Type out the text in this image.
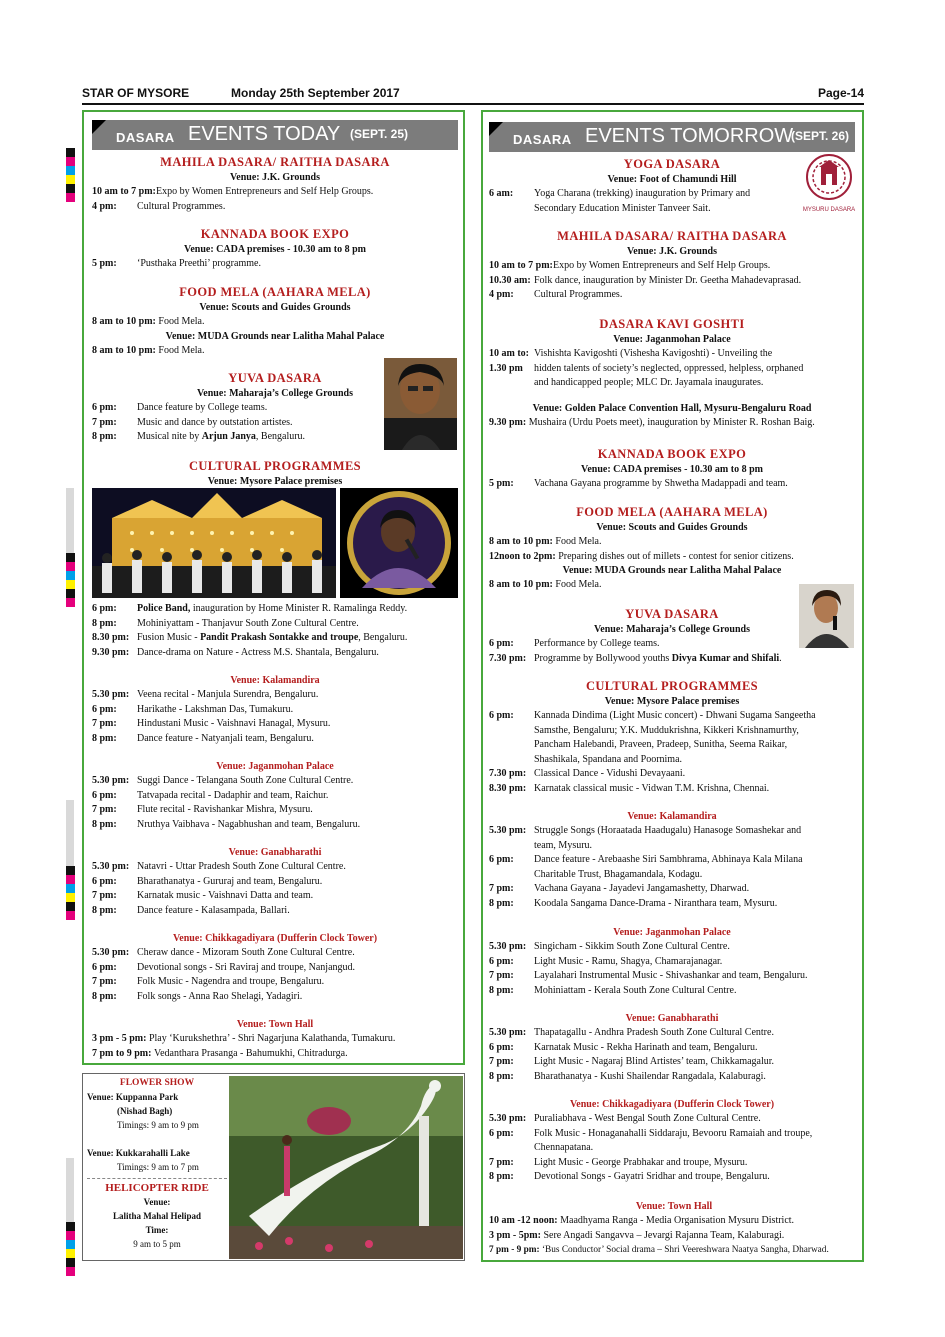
STAR OF MYSORE	Monday 25th September 2017	Page-14
DASARA EVENTS TODAY (SEPT. 25)
MAHILA DASARA/ RAITHA DASARA
Venue: J.K. Grounds
10 am to 7 pm: Expo by Women Entrepreneurs and Self Help Groups.
4 pm: Cultural Programmes.
KANNADA BOOK EXPO
Venue: CADA premises - 10.30 am to 8 pm
5 pm: ‘Pusthaka Preethi’ programme.
FOOD MELA (AAHARA MELA)
Venue: Scouts and Guides Grounds
8 am to 10 pm: Food Mela.
Venue: MUDA Grounds near Lalitha Mahal Palace
8 am to 10 pm: Food Mela.
YUVA DASARA
Venue: Maharaja’s College Grounds
6 pm: Dance feature by College teams.
7 pm: Music and dance by outstation artistes.
8 pm: Musical nite by Arjun Janya, Bengaluru.
CULTURAL PROGRAMMES
Venue: Mysore Palace premises
6 pm: Police Band, inauguration by Home Minister R. Ramalinga Reddy.
8 pm: Mohiniyattam - Thanjavur South Zone Cultural Centre.
8.30 pm: Fusion Music - Pandit Prakash Sontakke and troupe, Bengaluru.
9.30 pm: Dance-drama on Nature - Actress M.S. Shantala, Bengaluru.
Venue: Kalamandira
5.30 pm: Veena recital - Manjula Surendra, Bengaluru.
6 pm: Harikathe - Lakshman Das, Tumakuru.
7 pm: Hindustani Music - Vaishnavi Hanagal, Mysuru.
8 pm: Dance feature - Natyanjali team, Bengaluru.
Venue: Jaganmohan Palace
5.30 pm: Suggi Dance - Telangana South Zone Cultural Centre.
6 pm: Tatvapada recital - Dadaphir and team, Raichur.
7 pm: Flute recital - Ravishankar Mishra, Mysuru.
8 pm: Nruthya Vaibhava - Nagabhushan and team, Bengaluru.
Venue: Ganabharathi
5.30 pm: Natavri - Uttar Pradesh South Zone Cultural Centre.
6 pm: Bharathanatya - Gururaj and team, Bengaluru.
7 pm: Karnatak music - Vaishnavi Datta and team.
8 pm: Dance feature - Kalasampada, Ballari.
Venue: Chikkagadiyara (Dufferin Clock Tower)
5.30 pm: Cheraw dance - Mizoram South Zone Cultural Centre.
6 pm: Devotional songs - Sri Raviraj and troupe, Nanjangud.
7 pm: Folk Music - Nagendra and troupe, Bengaluru.
8 pm: Folk songs - Anna Rao Shelagi, Yadagiri.
Venue: Town Hall
3 pm - 5 pm: Play ‘Kurukshethra’ - Shri Nagarjuna Kalathanda, Tumakuru.
7 pm to 9 pm: Vedanthara Prasanga - Bahumukhi, Chitradurga.
FLOWER SHOW
Venue: Kuppanna Park
(Nishad Bagh)
Timings: 9 am to 9 pm
Venue: Kukkarahalli Lake
Timings: 9 am to 7 pm
HELICOPTER RIDE
Venue:
Lalitha Mahal Helipad
Time:
9 am to 5 pm
DASARA EVENTS TOMORROW
(SEPT. 26)
MYSURU DASARA
YOGA DASARA
Venue: Foot of Chamundi Hill
6 am: Yoga Charana (trekking) inauguration by Primary and
Secondary Education Minister Tanveer Sait.
MAHILA DASARA/ RAITHA DASARA
Venue: J.K. Grounds
10 am to 7 pm: Expo by Women Entrepreneurs and Self Help Groups.
10.30 am: Folk dance, inauguration by Minister Dr. Geetha Mahadevaprasad.
4 pm: Cultural Programmes.
DASARA KAVI GOSHTI
Venue: Jaganmohan Palace
10 am to: Vishishta Kavigoshti (Vishesha Kavigoshti) - Unveiling the
1.30 pm hidden talents of society’s neglected, oppressed, helpless, orphaned
and handicapped people; MLC Dr. Jayamala inaugurates.
Venue: Golden Palace Convention Hall, Mysuru-Bengaluru Road
9.30 pm: Mushaira (Urdu Poets meet), inauguration by Minister R. Roshan Baig.
KANNADA BOOK EXPO
Venue: CADA premises - 10.30 am to 8 pm
5 pm: Vachana Gayana programme by Shwetha Madappadi and team.
FOOD MELA (AAHARA MELA)
Venue: Scouts and Guides Grounds
8 am to 10 pm: Food Mela.
12noon to 2pm: Preparing dishes out of millets - contest for senior citizens.
Venue: MUDA Grounds near Lalitha Mahal Palace
8 am to 10 pm: Food Mela.
YUVA DASARA
Venue: Maharaja’s College Grounds
6 pm: Performance by College teams.
7.30 pm: Programme by Bollywood youths Divya Kumar and Shifali.
CULTURAL PROGRAMMES
Venue: Mysore Palace premises
6 pm: Kannada Dindima (Light Music concert) - Dhwani Sugama Sangeetha
Samsthe, Bengaluru; Y.K. Muddukrishna, Kikkeri Krishnamurthy,
Pancham Halebandi, Praveen, Pradeep, Sunitha, Seema Raikar,
Shashikala, Spandana and Poornima.
7.30 pm: Classical Dance - Vidushi Devayaani.
8.30 pm: Karnatak classical music - Vidwan T.M. Krishna, Chennai.
Venue: Kalamandira
5.30 pm: Struggle Songs (Horaatada Haadugalu) Hanasoge Somashekar and
team, Mysuru.
6 pm: Dance feature - Arebaashe Siri Sambhrama, Abhinaya Kala Milana
Charitable Trust, Bhagamandala, Kodagu.
7 pm: Vachana Gayana - Jayadevi Jangamashetty, Dharwad.
8 pm: Koodala Sangama Dance-Drama - Niranthara team, Mysuru.
Venue: Jaganmohan Palace
5.30 pm: Singicham - Sikkim South Zone Cultural Centre.
6 pm: Light Music - Ramu, Shagya, Chamarajanagar.
7 pm: Layalahari Instrumental Music - Shivashankar and team, Bengaluru.
8 pm: Mohiniattam - Kerala South Zone Cultural Centre.
Venue: Ganabharathi
5.30 pm: Thapatagallu - Andhra Pradesh South Zone Cultural Centre.
6 pm: Karnatak Music - Rekha Harinath and team, Bengaluru.
7 pm: Light Music - Nagaraj Blind Artistes’ team, Chikkamagalur.
8 pm: Bharathanatya - Kushi Shailendar Rangadala, Kalaburagi.
Venue: Chikkagadiyara (Dufferin Clock Tower)
5.30 pm: Puraliabhava - West Bengal South Zone Cultural Centre.
6 pm: Folk Music - Honaganahalli Siddaraju, Bevooru Ramaiah and troupe,
Chennapatana.
7 pm: Light Music - George Prabhakar and troupe, Mysuru.
8 pm: Devotional Songs - Gayatri Sridhar and troupe, Bengaluru.
Venue: Town Hall
10 am -12 noon: Maadhyama Ranga - Media Organisation Mysuru District.
3 pm - 5pm: Sere Angadi Sangavva – Jevargi Rajanna Team, Kalaburagi.
7 pm - 9 pm: ‘Bus Conductor’ Social drama – Shri Veereshwara Naatya Sangha, Dharwad.
